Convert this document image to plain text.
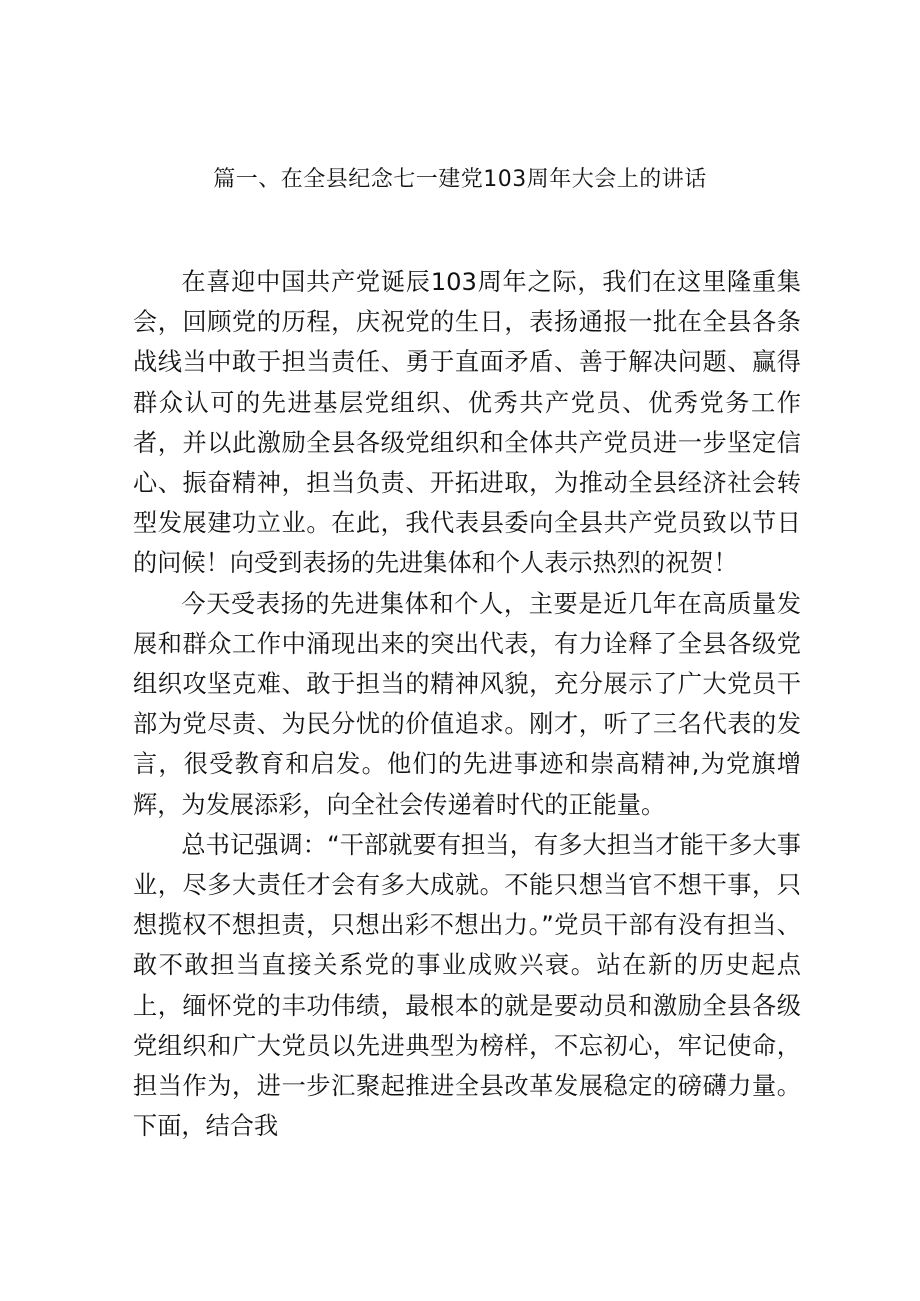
篇一、在全县纪念七一建党103周年大会上的讲话

在喜迎中国共产党诞辰103周年之际，我们在这里隆重集会，回顾党的历程，庆祝党的生日，表扬通报一批在全县各条战线当中敢于担当责任、勇于直面矛盾、善于解决问题、赢得群众认可的先进基层党组织、优秀共产党员、优秀党务工作者，并以此激励全县各级党组织和全体共产党员进一步坚定信心、振奋精神，担当负责、开拓进取，为推动全县经济社会转型发展建功立业。在此，我代表县委向全县共产党员致以节日的问候！向受到表扬的先进集体和个人表示热烈的祝贺！

今天受表扬的先进集体和个人，主要是近几年在高质量发展和群众工作中涌现出来的突出代表，有力诠释了全县各级党组织攻坚克难、敢于担当的精神风貌，充分展示了广大党员干部为党尽责、为民分忧的价值追求。刚才，听了三名代表的发言，很受教育和启发。他们的先进事迹和崇高精神,为党旗增辉，为发展添彩，向全社会传递着时代的正能量。

总书记强调：“干部就要有担当，有多大担当才能干多大事业，尽多大责任才会有多大成就。不能只想当官不想干事，只想揽权不想担责，只想出彩不想出力。”党员干部有没有担当、敢不敢担当直接关系党的事业成败兴衰。站在新的历史起点上，缅怀党的丰功伟绩，最根本的就是要动员和激励全县各级党组织和广大党员以先进典型为榜样，不忘初心，牢记使命，担当作为，进一步汇聚起推进全县改革发展稳定的磅礴力量。下面，结合我
